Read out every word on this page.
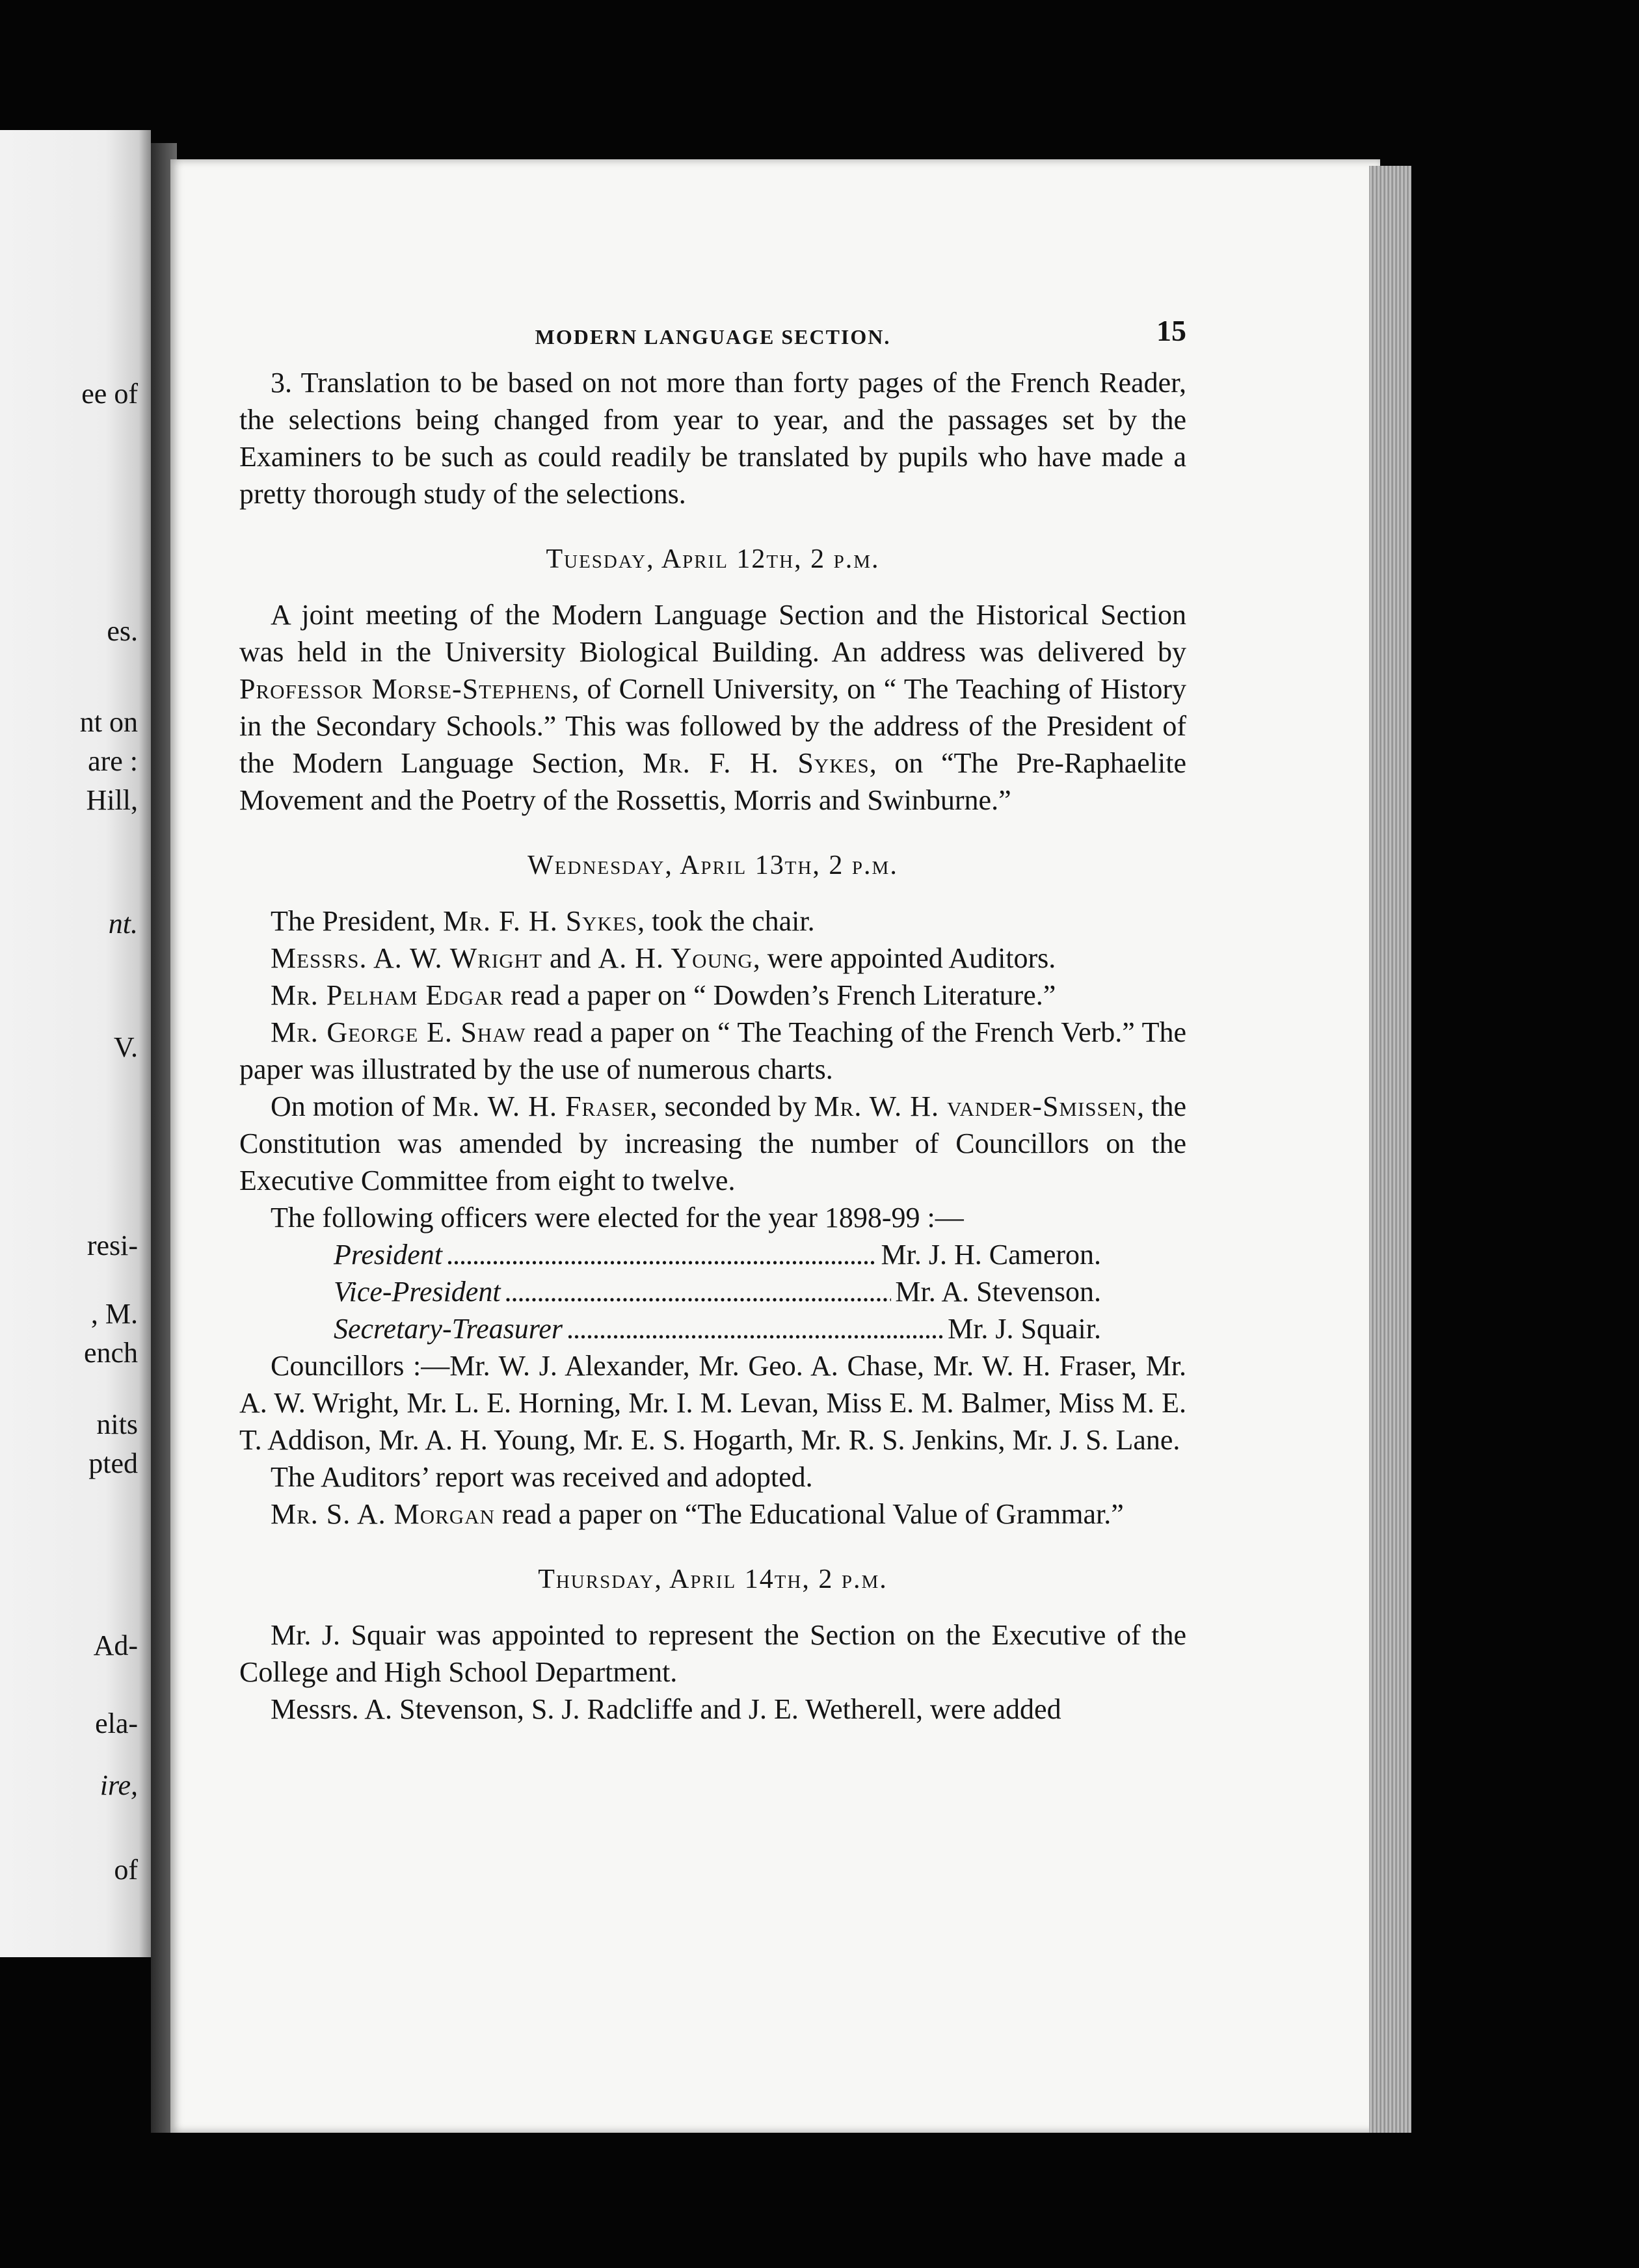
ee of
es.
nt on
are :
Hill,
nt.
V.
resi-
, M.
ench
nits
pted
Ad-
ela-
ire,
of
MODERN LANGUAGE SECTION.	15

3. Translation to be based on not more than forty pages of the French Reader, the selections being changed from year to year, and the passages set by the Examiners to be such as could readily be translated by pupils who have made a pretty thorough study of the selections.

Tuesday, April 12th, 2 p.m.

A joint meeting of the Modern Language Section and the Historical Section was held in the University Biological Building. An address was delivered by Professor Morse-Stephens, of Cornell University, on “ The Teaching of History in the Secondary Schools.” This was followed by the address of the President of the Modern Language Section, Mr. F. H. Sykes, on “The Pre-Raphaelite Movement and the Poetry of the Rossettis, Morris and Swinburne.”

Wednesday, April 13th, 2 p.m.

The President, Mr. F. H. Sykes, took the chair.

Messrs. A. W. Wright and A. H. Young, were appointed Auditors.

Mr. Pelham Edgar read a paper on “ Dowden’s French Literature.”

Mr. George E. Shaw read a paper on “ The Teaching of the French Verb.” The paper was illustrated by the use of numerous charts.

On motion of Mr. W. H. Fraser, seconded by Mr. W. H. vander-Smissen, the Constitution was amended by increasing the number of Councillors on the Executive Committee from eight to twelve.

The following officers were elected for the year 1898-99 :—

President . . .	Mr. J. H. Cameron.
Vice-President . . .	Mr. A. Stevenson.
Secretary-Treasurer . . .	Mr. J. Squair.

Councillors :—Mr. W. J. Alexander, Mr. Geo. A. Chase, Mr. W. H. Fraser, Mr. A. W. Wright, Mr. L. E. Horning, Mr. I. M. Levan, Miss E. M. Balmer, Miss M. E. T. Addison, Mr. A. H. Young, Mr. E. S. Hogarth, Mr. R. S. Jenkins, Mr. J. S. Lane.

The Auditors’ report was received and adopted.

Mr. S. A. Morgan read a paper on “The Educational Value of Grammar.”

Thursday, April 14th, 2 p.m.

Mr. J. Squair was appointed to represent the Section on the Executive of the College and High School Department.

Messrs. A. Stevenson, S. J. Radcliffe and J. E. Wetherell, were added
